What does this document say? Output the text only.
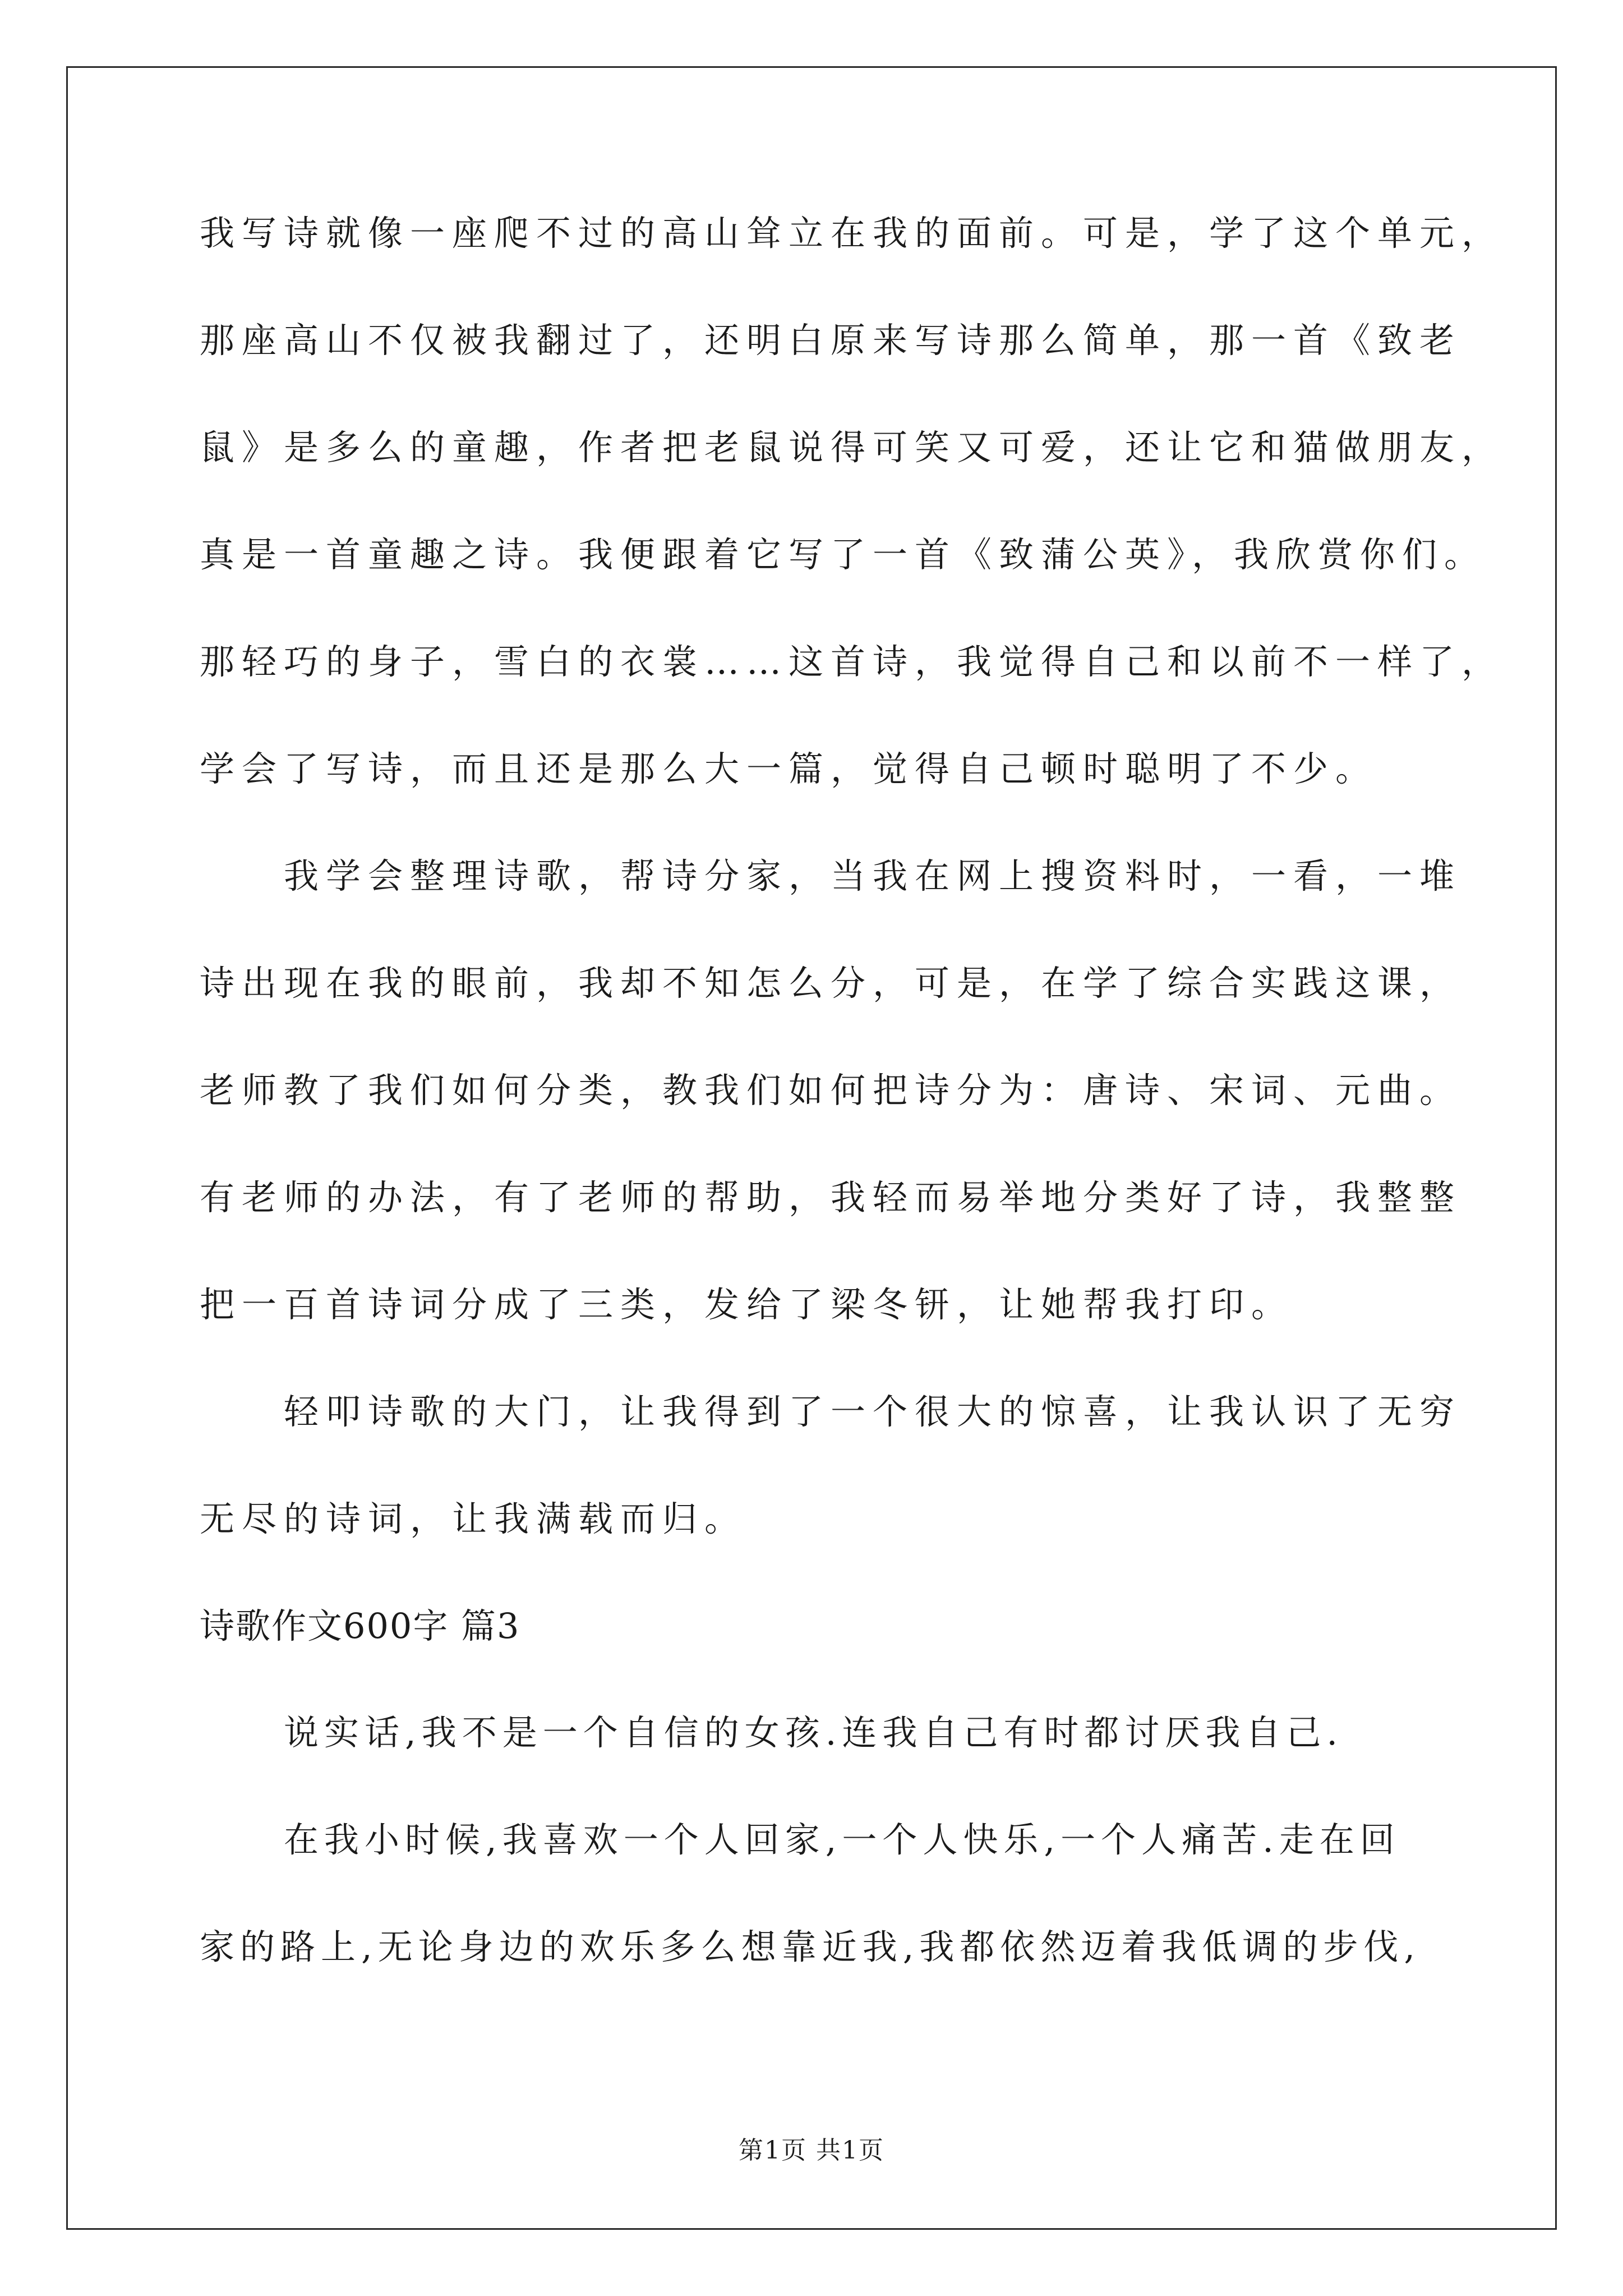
我写诗就像一座爬不过的高山耸立在我的面前。可是，学了这个单元，
那座高山不仅被我翻过了，还明白原来写诗那么简单，那一首《致老
鼠》是多么的童趣，作者把老鼠说得可笑又可爱，还让它和猫做朋友，
真是一首童趣之诗。我便跟着它写了一首《致蒲公英》，我欣赏你们。
那轻巧的身子，雪白的衣裳……这首诗，我觉得自己和以前不一样了，
学会了写诗，而且还是那么大一篇，觉得自己顿时聪明了不少。
我学会整理诗歌，帮诗分家，当我在网上搜资料时，一看，一堆
诗出现在我的眼前，我却不知怎么分，可是，在学了综合实践这课，
老师教了我们如何分类，教我们如何把诗分为：唐诗、宋词、元曲。
有老师的办法，有了老师的帮助，我轻而易举地分类好了诗，我整整
把一百首诗词分成了三类，发给了梁冬钘，让她帮我打印。
轻叩诗歌的大门，让我得到了一个很大的惊喜，让我认识了无穷
无尽的诗词，让我满载而归。
诗歌作文600字 篇3
说实话,我不是一个自信的女孩.连我自己有时都讨厌我自己.
在我小时候,我喜欢一个人回家,一个人快乐,一个人痛苦.走在回
家的路上,无论身边的欢乐多么想靠近我,我都依然迈着我低调的步伐,
第1页 共1页
